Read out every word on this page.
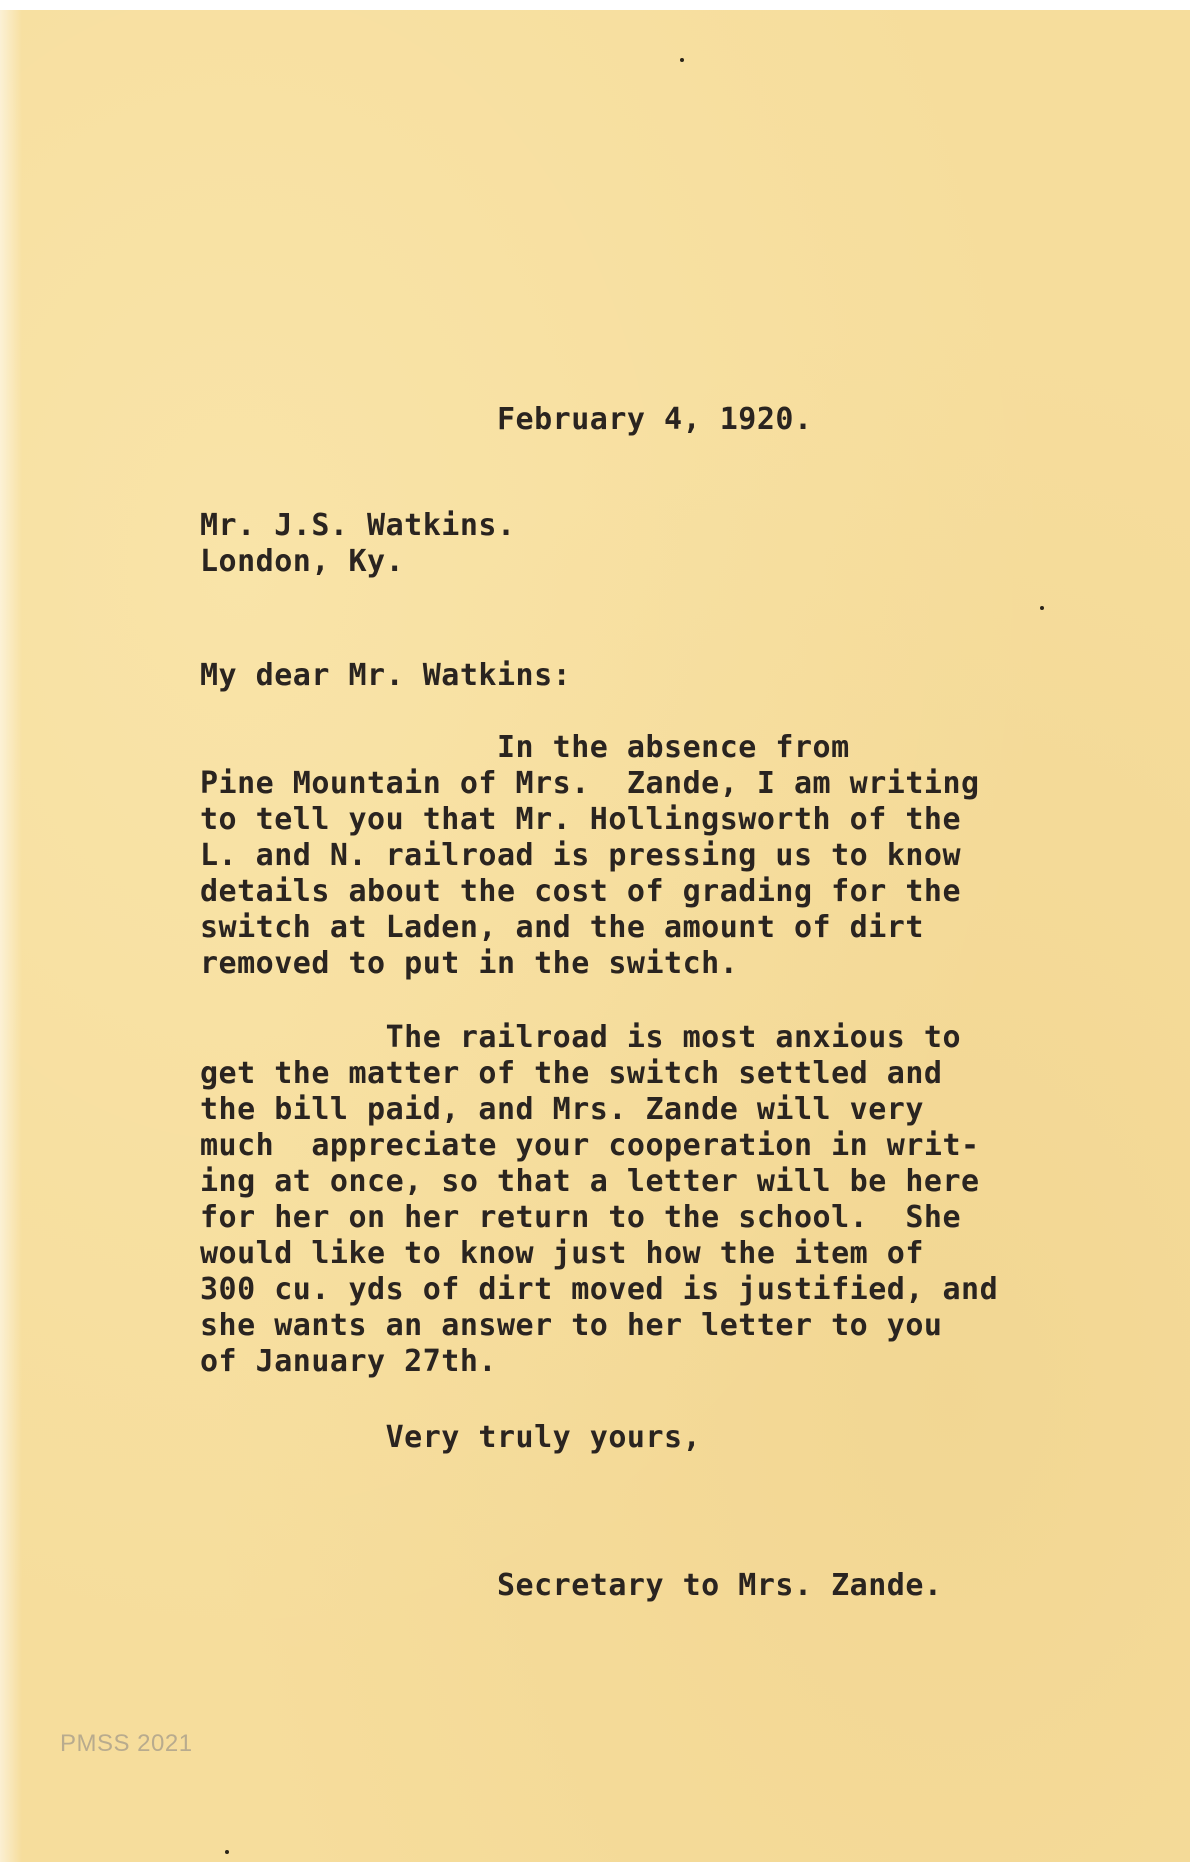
February 4, 1920.
Mr. J.S. Watkins.
London, Ky.
My dear Mr. Watkins:
In the absence from
Pine Mountain of Mrs.  Zande, I am writing
to tell you that Mr. Hollingsworth of the
L. and N. railroad is pressing us to know
details about the cost of grading for the
switch at Laden, and the amount of dirt
removed to put in the switch.
The railroad is most anxious to
get the matter of the switch settled and
the bill paid, and Mrs. Zande will very
much  appreciate your cooperation in writ-
ing at once, so that a letter will be here
for her on her return to the school.  She
would like to know just how the item of
300 cu. yds of dirt moved is justified, and
she wants an answer to her letter to you
of January 27th.
Very truly yours,
Secretary to Mrs. Zande.
PMSS 2021
